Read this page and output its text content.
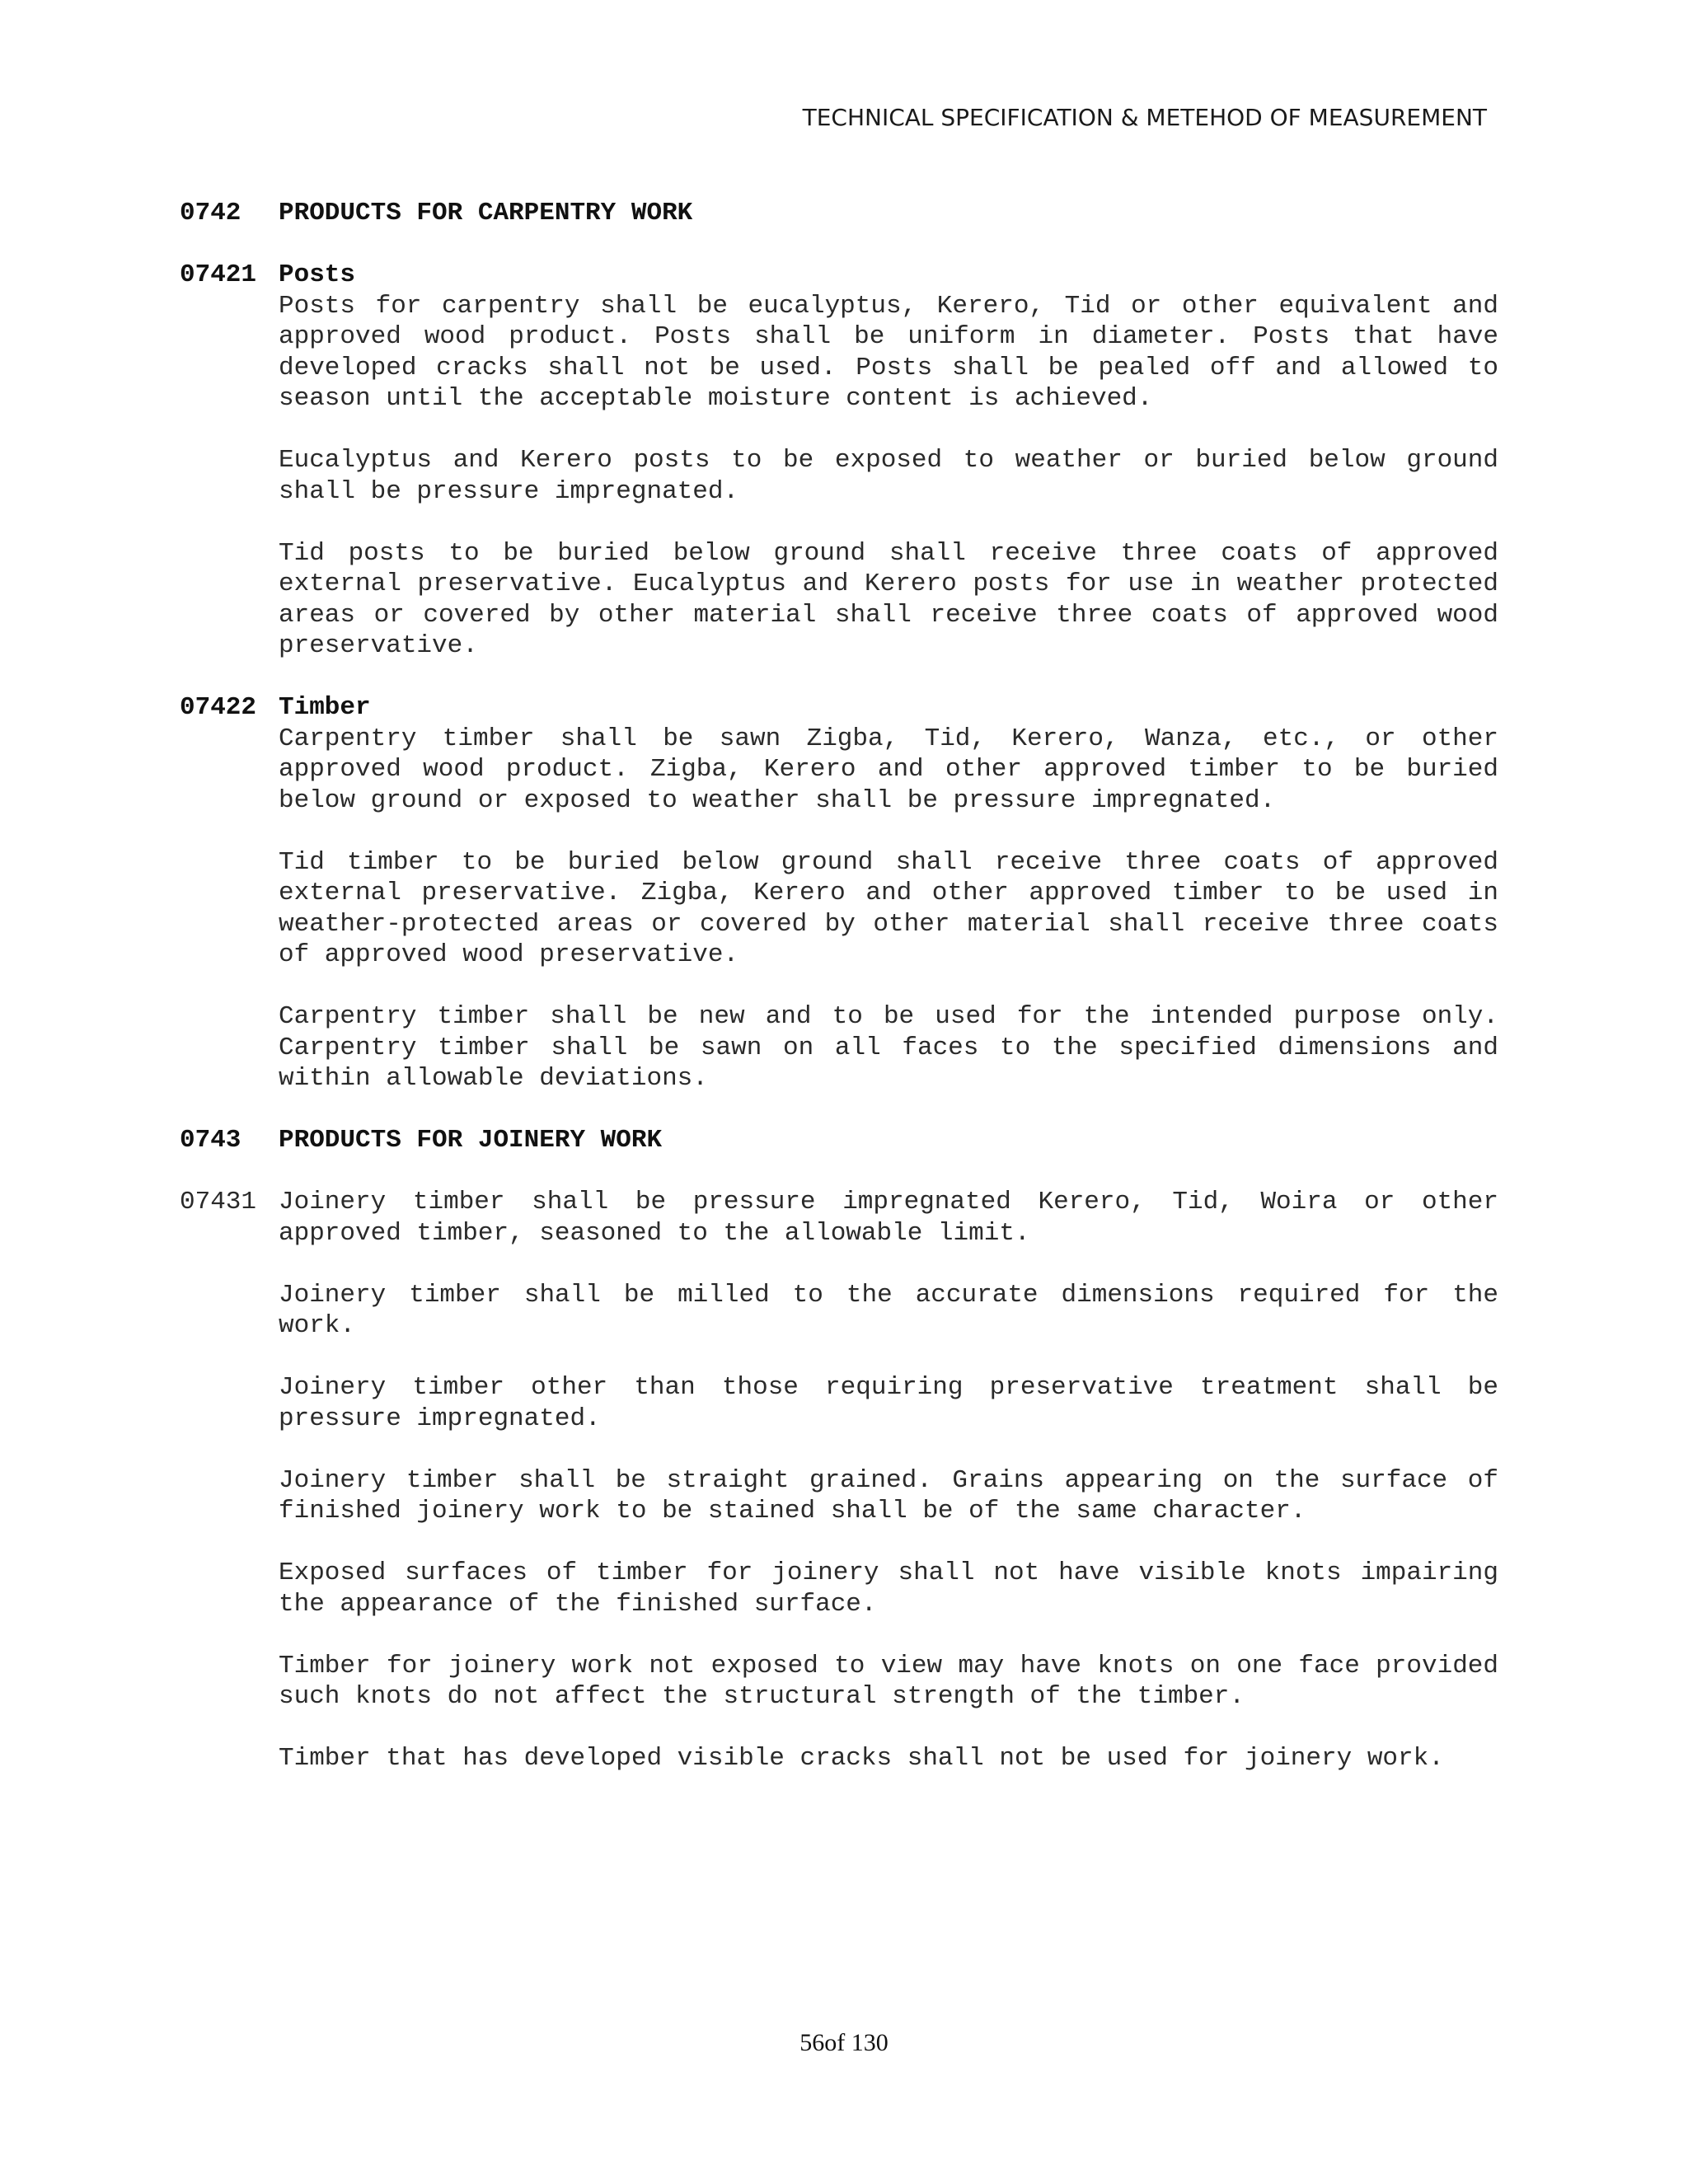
TECHNICAL SPECIFICATION & METEHOD OF MEASUREMENT
0742	PRODUCTS FOR CARPENTRY WORK
07421 Posts
Posts for carpentry shall be eucalyptus, Kerero, Tid or other equivalent and approved wood product. Posts shall be uniform in diameter. Posts that have developed cracks shall not be used. Posts shall be pealed off and allowed to season until the acceptable moisture content is achieved.
Eucalyptus and Kerero posts to be exposed to weather or buried below ground shall be pressure impregnated.
Tid posts to be buried below ground shall receive three coats of approved external preservative. Eucalyptus and Kerero posts for use in weather protected areas or covered by other material shall receive three coats of approved wood preservative.
07422 Timber
Carpentry timber shall be sawn Zigba, Tid, Kerero, Wanza, etc., or other approved wood product. Zigba, Kerero and other approved timber to be buried below ground or exposed to weather shall be pressure impregnated.
Tid timber to be buried below ground shall receive three coats of approved external preservative. Zigba, Kerero and other approved timber to be used in weather-protected areas or covered by other material shall receive three coats of approved wood preservative.
Carpentry timber shall be new and to be used for the intended purpose only. Carpentry timber shall be sawn on all faces to the specified dimensions and within allowable deviations.
0743	PRODUCTS FOR JOINERY WORK
07431 Joinery timber shall be pressure impregnated Kerero, Tid, Woira or other approved timber, seasoned to the allowable limit.
Joinery timber shall be milled to the accurate dimensions required for the work.
Joinery timber other than those requiring preservative treatment shall be pressure impregnated.
Joinery timber shall be straight grained. Grains appearing on the surface of finished joinery work to be stained shall be of the same character.
Exposed surfaces of timber for joinery shall not have visible knots impairing the appearance of the finished surface.
Timber for joinery work not exposed to view may have knots on one face provided such knots do not affect the structural strength of the timber.
Timber that has developed visible cracks shall not be used for joinery work.
56of 130
